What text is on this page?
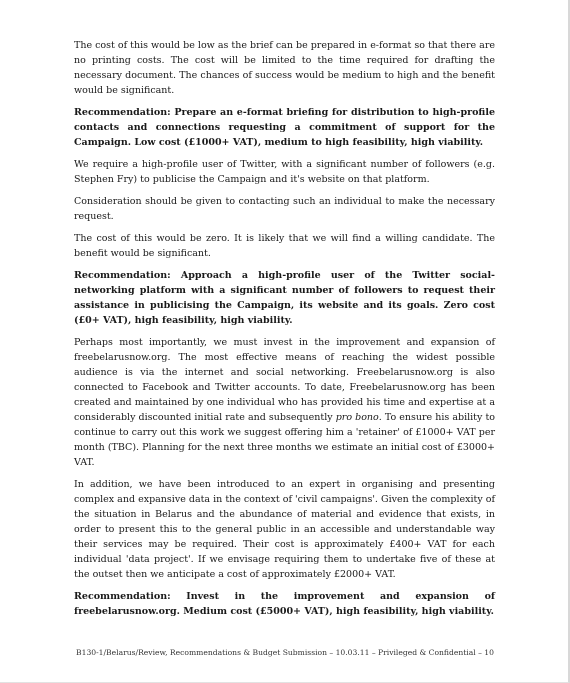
The cost of this would be low as the brief can be prepared in e-format so that there are no printing costs. The cost will be limited to the time required for drafting the necessary document. The chances of success would be medium to high and the benefit would be significant.

Recommendation: Prepare an e-format briefing for distribution to high-profile contacts and connections requesting a commitment of support for the Campaign. Low cost (£1000+ VAT), medium to high feasibility, high viability.

We require a high-profile user of Twitter, with a significant number of followers (e.g. Stephen Fry) to publicise the Campaign and it's website on that platform.

Consideration should be given to contacting such an individual to make the necessary request.

The cost of this would be zero. It is likely that we will find a willing candidate. The benefit would be significant.

Recommendation: Approach a high-profile user of the Twitter social-networking platform with a significant number of followers to request their assistance in publicising the Campaign, its website and its goals. Zero cost (£0+ VAT), high feasibility, high viability.

Perhaps most importantly, we must invest in the improvement and expansion of freebelarusnow.org. The most effective means of reaching the widest possible audience is via the internet and social networking. Freebelarusnow.org is also connected to Facebook and Twitter accounts. To date, Freebelarusnow.org has been created and maintained by one individual who has provided his time and expertise at a considerably discounted initial rate and subsequently pro bono. To ensure his ability to continue to carry out this work we suggest offering him a 'retainer' of £1000+ VAT per month (TBC). Planning for the next three months we estimate an initial cost of £3000+ VAT.

In addition, we have been introduced to an expert in organising and presenting complex and expansive data in the context of 'civil campaigns'. Given the complexity of the situation in Belarus and the abundance of material and evidence that exists, in order to present this to the general public in an accessible and understandable way their services may be required. Their cost is approximately £400+ VAT for each individual 'data project'. If we envisage requiring them to undertake five of these at the outset then we anticipate a cost of approximately £2000+ VAT.

Recommendation: Invest in the improvement and expansion of freebelarusnow.org. Medium cost (£5000+ VAT), high feasibility, high viability.

B130-1/Belarus/Review, Recommendations & Budget Submission – 10.03.11 – Privileged & Confidential – 10
